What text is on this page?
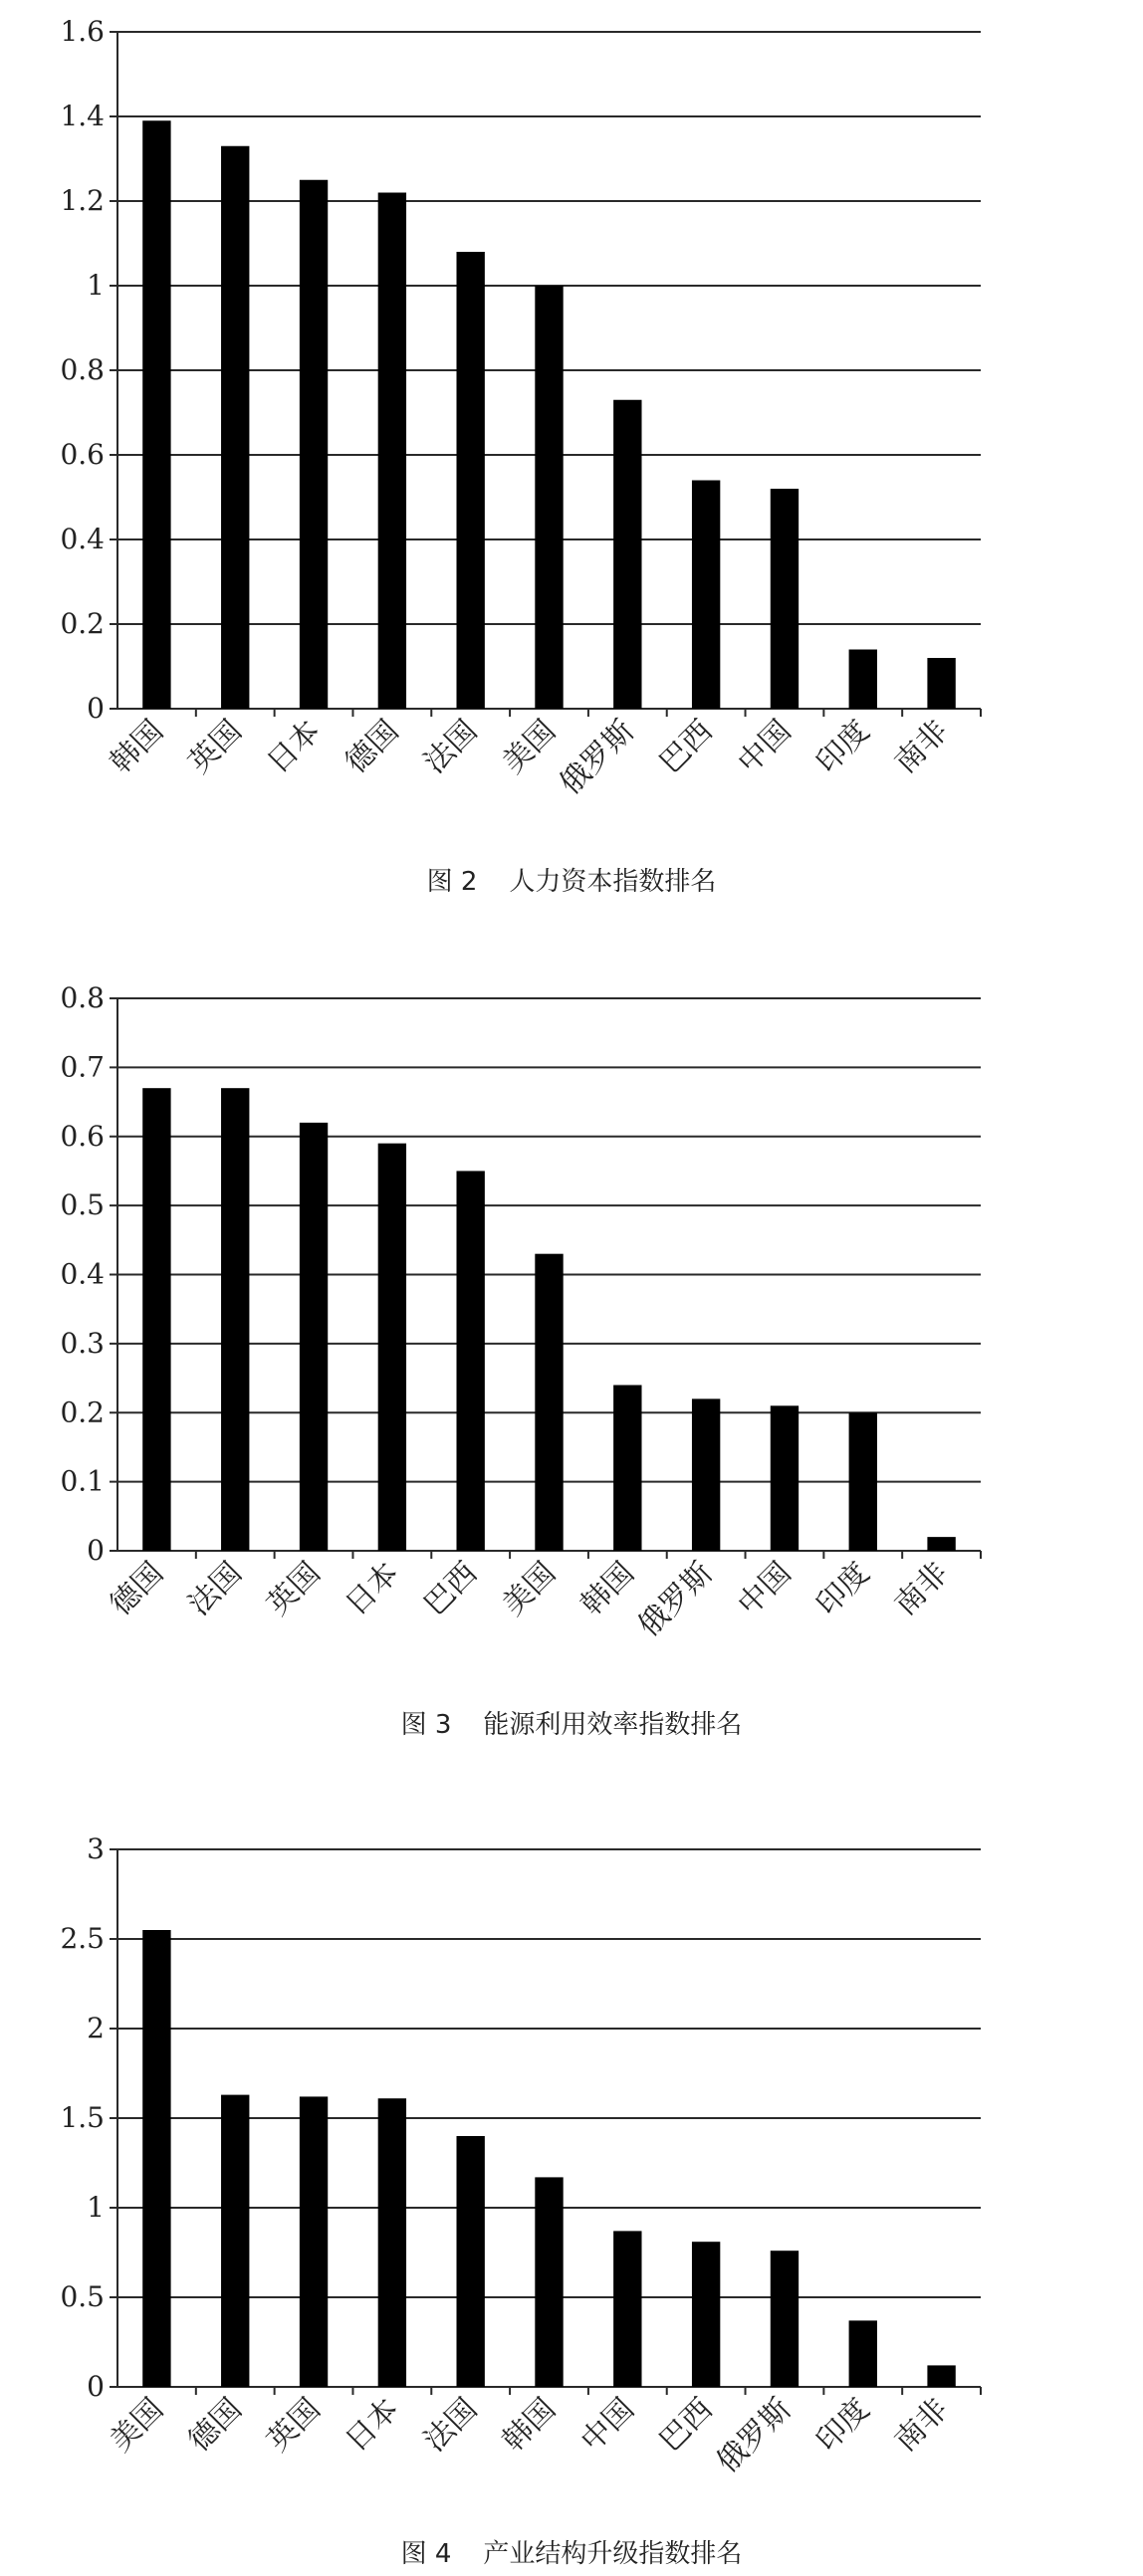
0
0.2
0.4
0.6
0.8
1
1.2
1.4
1.6
韩国 英国 日本 德国 法国 美国
俄罗斯 巴西 中国 印度 南非
图 2 人力资本指数排名
0
0.1
0.2
0.3
0.4
0.5
0.6
0.7
0.8
德国 法国 英国 日本 巴西 美国 韩国
俄罗斯 中国 印度 南非
图 3 能源利用效率指数排名
0
0.5
1
1.5
2
2.5
3
美国 德国 英国 日本 法国 韩国 中国 巴西
俄罗斯 印度 南非
图 4 产业结构升级指数排名
